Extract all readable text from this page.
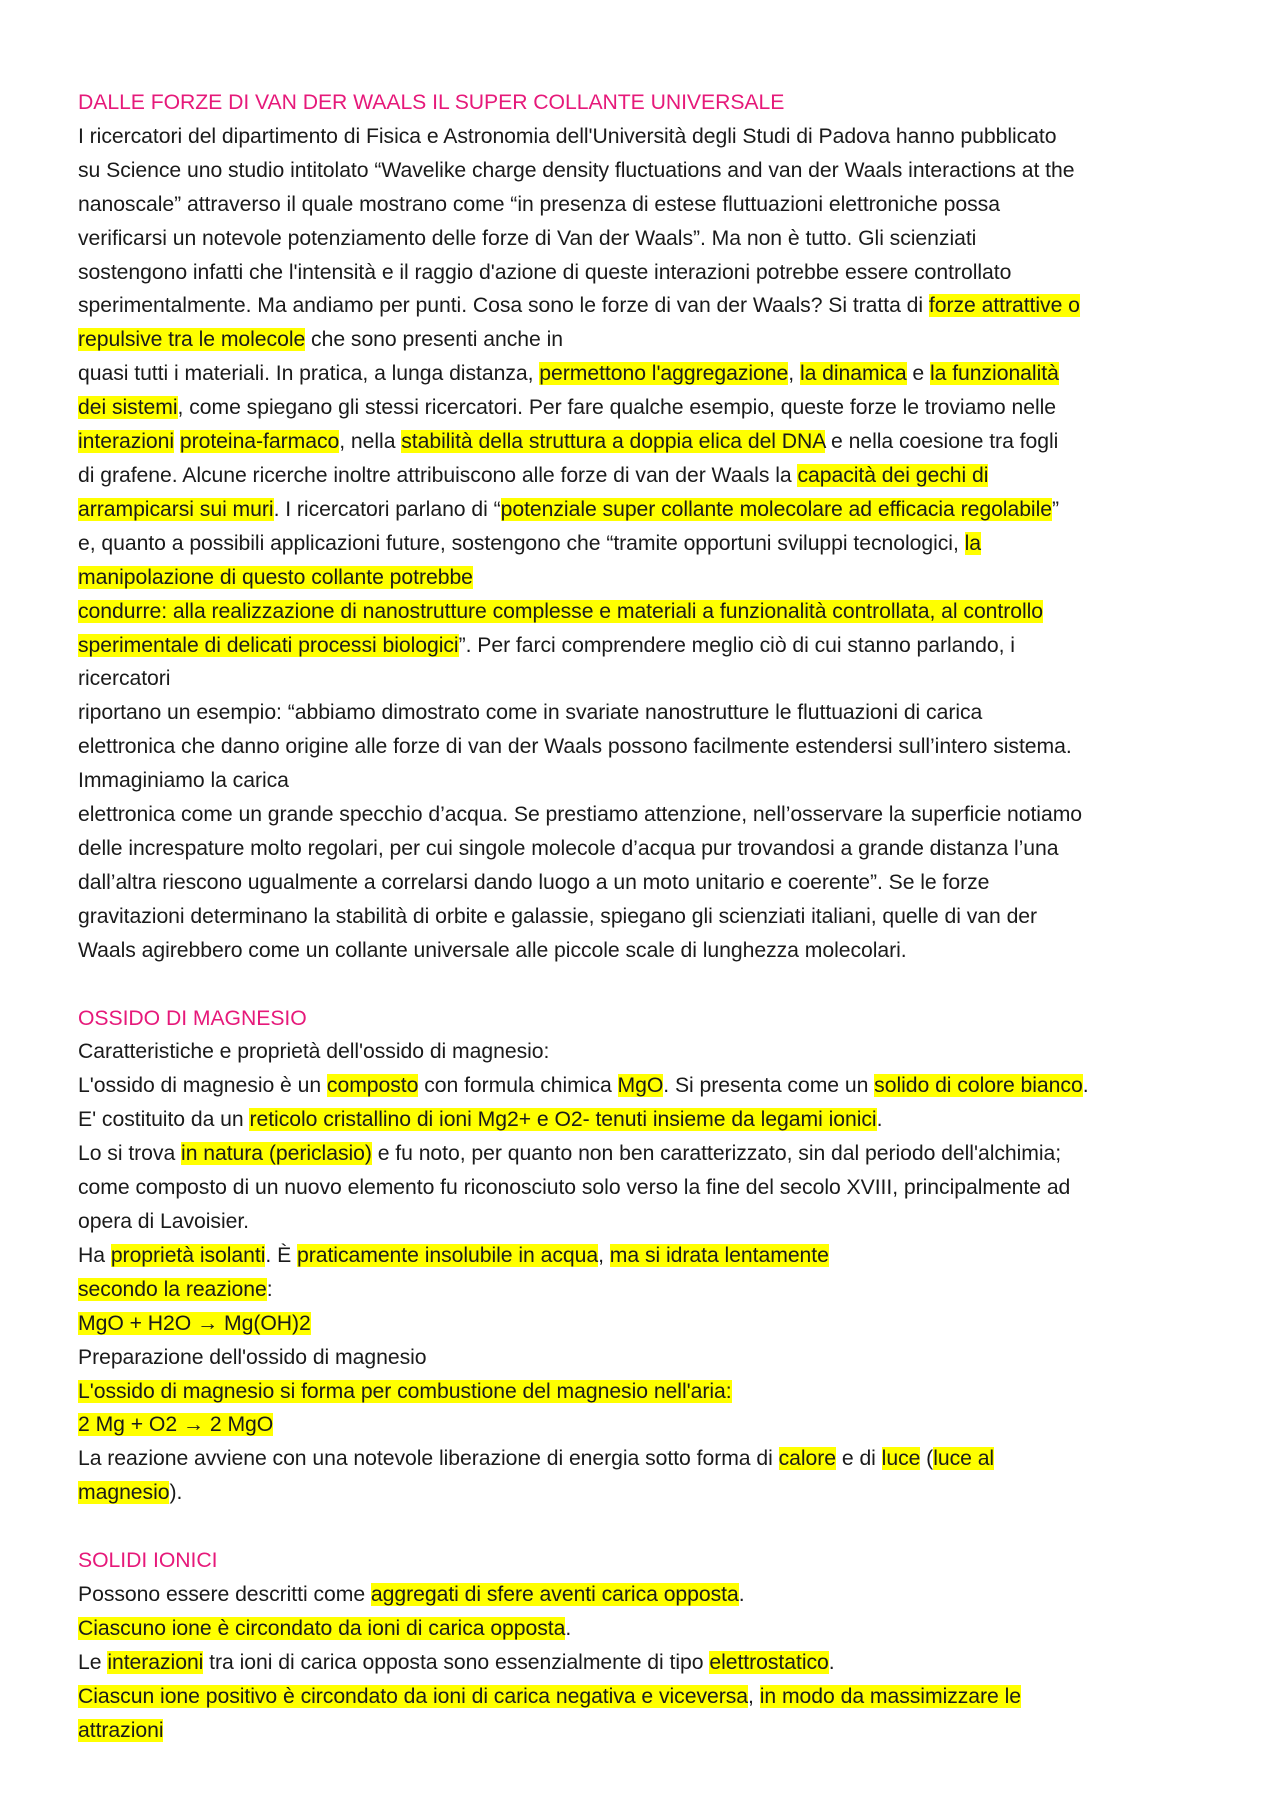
DALLE FORZE DI VAN DER WAALS IL SUPER COLLANTE UNIVERSALE
I ricercatori del dipartimento di Fisica e Astronomia dell'Università degli Studi di Padova hanno pubblicato
su Science uno studio intitolato “Wavelike charge density fluctuations and van der Waals interactions at the
nanoscale” attraverso il quale mostrano come “in presenza di estese fluttuazioni elettroniche possa
verificarsi un notevole potenziamento delle forze di Van der Waals”. Ma non è tutto. Gli scienziati
sostengono infatti che l'intensità e il raggio d'azione di queste interazioni potrebbe essere controllato
sperimentalmente. Ma andiamo per punti. Cosa sono le forze di van der Waals? Si tratta di forze attrattive o
repulsive tra le molecole che sono presenti anche in
quasi tutti i materiali. In pratica, a lunga distanza, permettono l'aggregazione, la dinamica e la funzionalità
dei sistemi, come spiegano gli stessi ricercatori. Per fare qualche esempio, queste forze le troviamo nelle
interazioni proteina-farmaco, nella stabilità della struttura a doppia elica del DNA e nella coesione tra fogli
di grafene. Alcune ricerche inoltre attribuiscono alle forze di van der Waals la capacità dei gechi di
arrampicarsi sui muri. I ricercatori parlano di “potenziale super collante molecolare ad efficacia regolabile”
e, quanto a possibili applicazioni future, sostengono che “tramite opportuni sviluppi tecnologici, la
manipolazione di questo collante potrebbe
condurre: alla realizzazione di nanostrutture complesse e materiali a funzionalità controllata, al controllo
sperimentale di delicati processi biologici”. Per farci comprendere meglio ciò di cui stanno parlando, i
ricercatori
riportano un esempio: “abbiamo dimostrato come in svariate nanostrutture le fluttuazioni di carica
elettronica che danno origine alle forze di van der Waals possono facilmente estendersi sull’intero sistema.
Immaginiamo la carica
elettronica come un grande specchio d’acqua. Se prestiamo attenzione, nell’osservare la superficie notiamo
delle increspature molto regolari, per cui singole molecole d’acqua pur trovandosi a grande distanza l’una
dall’altra riescono ugualmente a correlarsi dando luogo a un moto unitario e coerente”. Se le forze
gravitazioni determinano la stabilità di orbite e galassie, spiegano gli scienziati italiani, quelle di van der
Waals agirebbero come un collante universale alle piccole scale di lunghezza molecolari.
OSSIDO DI MAGNESIO
Caratteristiche e proprietà dell'ossido di magnesio:
L'ossido di magnesio è un composto con formula chimica MgO. Si presenta come un solido di colore bianco.
E' costituito da un reticolo cristallino di ioni Mg2+ e O2- tenuti insieme da legami ionici.
Lo si trova in natura (periclasio) e fu noto, per quanto non ben caratterizzato, sin dal periodo dell'alchimia;
come composto di un nuovo elemento fu riconosciuto solo verso la fine del secolo XVIII, principalmente ad
opera di Lavoisier.
Ha proprietà isolanti. È praticamente insolubile in acqua, ma si idrata lentamente
secondo la reazione:
MgO + H2O → Mg(OH)2
Preparazione dell'ossido di magnesio
L'ossido di magnesio si forma per combustione del magnesio nell'aria:
2 Mg + O2 → 2 MgO
La reazione avviene con una notevole liberazione di energia sotto forma di calore e di luce (luce al
magnesio).
SOLIDI IONICI
Possono essere descritti come aggregati di sfere aventi carica opposta.
Ciascuno ione è circondato da ioni di carica opposta.
Le interazioni tra ioni di carica opposta sono essenzialmente di tipo elettrostatico.
Ciascun ione positivo è circondato da ioni di carica negativa e viceversa, in modo da massimizzare le
attrazioni
